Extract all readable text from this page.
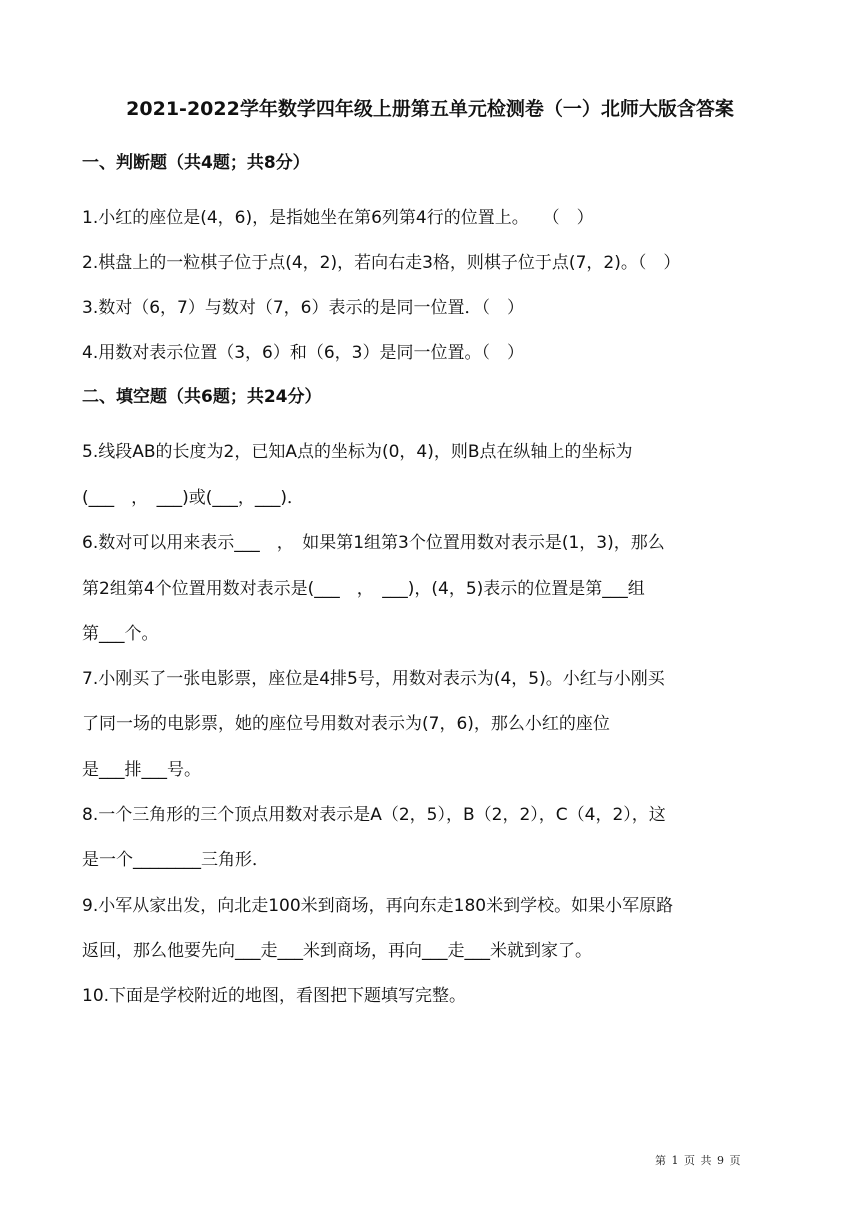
2021-2022学年数学四年级上册第五单元检测卷（一）北师大版含答案
一、判断题（共4题；共8分）
1.小红的座位是(4，6)，是指她坐在第6列第4行的位置上。　 （　）
2.棋盘上的一粒棋子位于点(4，2)，若向右走3格，则棋子位于点(7，2)。（　）
3.数对（6，7）与数对（7，6）表示的是同一位置．（　）
4.用数对表示位置（3，6）和（6，3）是同一位置。（　）
二、填空题（共6题；共24分）
5.线段AB的长度为2，已知A点的坐标为(0，4)，则B点在纵轴上的坐标为
(___　，　___)或(___，___)．
6.数对可以用来表示___　，　如果第1组第3个位置用数对表示是(1，3)，那么
第2组第4个位置用数对表示是(___　，　___)，(4，5)表示的位置是第___组
第___个。
7.小刚买了一张电影票，座位是4排5号，用数对表示为(4，5)。小红与小刚买
了同一场的电影票，她的座位号用数对表示为(7，6)，那么小红的座位
是___排___号。
8.一个三角形的三个顶点用数对表示是A（2，5），B（2，2），C（4，2），这
是一个________三角形．
9.小军从家出发，向北走100米到商场，再向东走180米到学校。如果小军原路
返回，那么他要先向___走___米到商场，再向___走___米就到家了。
10.下面是学校附近的地图，看图把下题填写完整。
第 1 页 共 9 页
